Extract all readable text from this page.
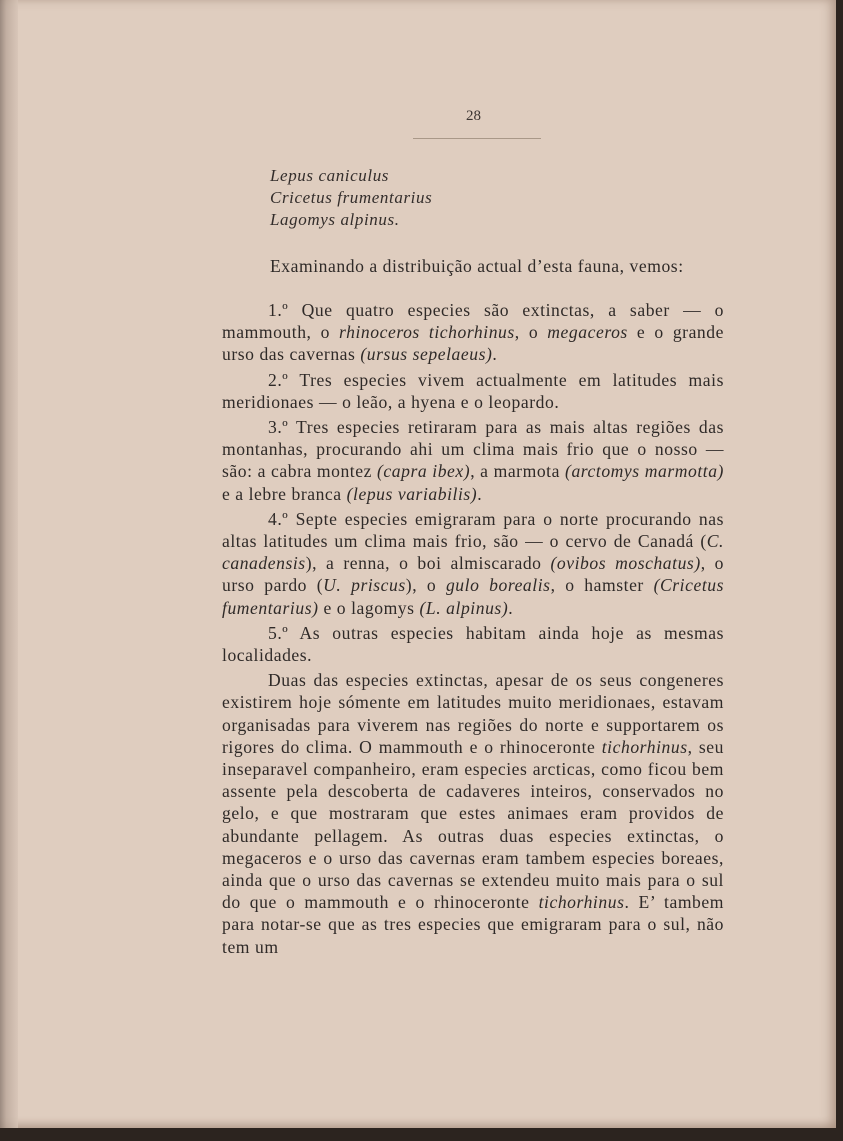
28
Lepus caniculus
Cricetus frumentarius
Lagomys alpinus.

Examinando a distribuição actual d’esta fauna, vemos:

1.º Que quatro especies são extinctas, a saber — o mammouth, o rhinoceros tichorhinus, o megaceros e o grande urso das cavernas (ursus sepelaeus).

2.º Tres especies vivem actualmente em latitudes mais meridionaes — o leão, a hyena e o leopardo.

3.º Tres especies retiraram para as mais altas regiões das montanhas, procurando ahi um clima mais frio que o nosso — são: a cabra montez (capra ibex), a marmota (arctomys marmotta) e a lebre branca (lepus variabilis).

4.º Septe especies emigraram para o norte procurando nas altas latitudes um clima mais frio, são — o cervo de Canadá (C. canadensis), a renna, o boi almiscarado (ovibos moschatus), o urso pardo (U. priscus), o gulo borealis, o hamster (Cricetus fumentarius) e o lagomys (L. alpinus).

5.º As outras especies habitam ainda hoje as mesmas localidades.

Duas das especies extinctas, apesar de os seus congeneres existirem hoje sómente em latitudes muito meridionaes, estavam organisadas para viverem nas regiões do norte e supportarem os rigores do clima. O mammouth e o rhinoceronte tichorhinus, seu inseparavel companheiro, eram especies arcticas, como ficou bem assente pela descoberta de cadaveres inteiros, conservados no gelo, e que mostraram que estes animaes eram providos de abundante pellagem. As outras duas especies extinctas, o megaceros e o urso das cavernas eram tambem especies boreaes, ainda que o urso das cavernas se extendeu muito mais para o sul do que o mammouth e o rhinoceronte tichorhinus. E’ tambem para notar-se que as tres especies que emigraram para o sul, não tem um
